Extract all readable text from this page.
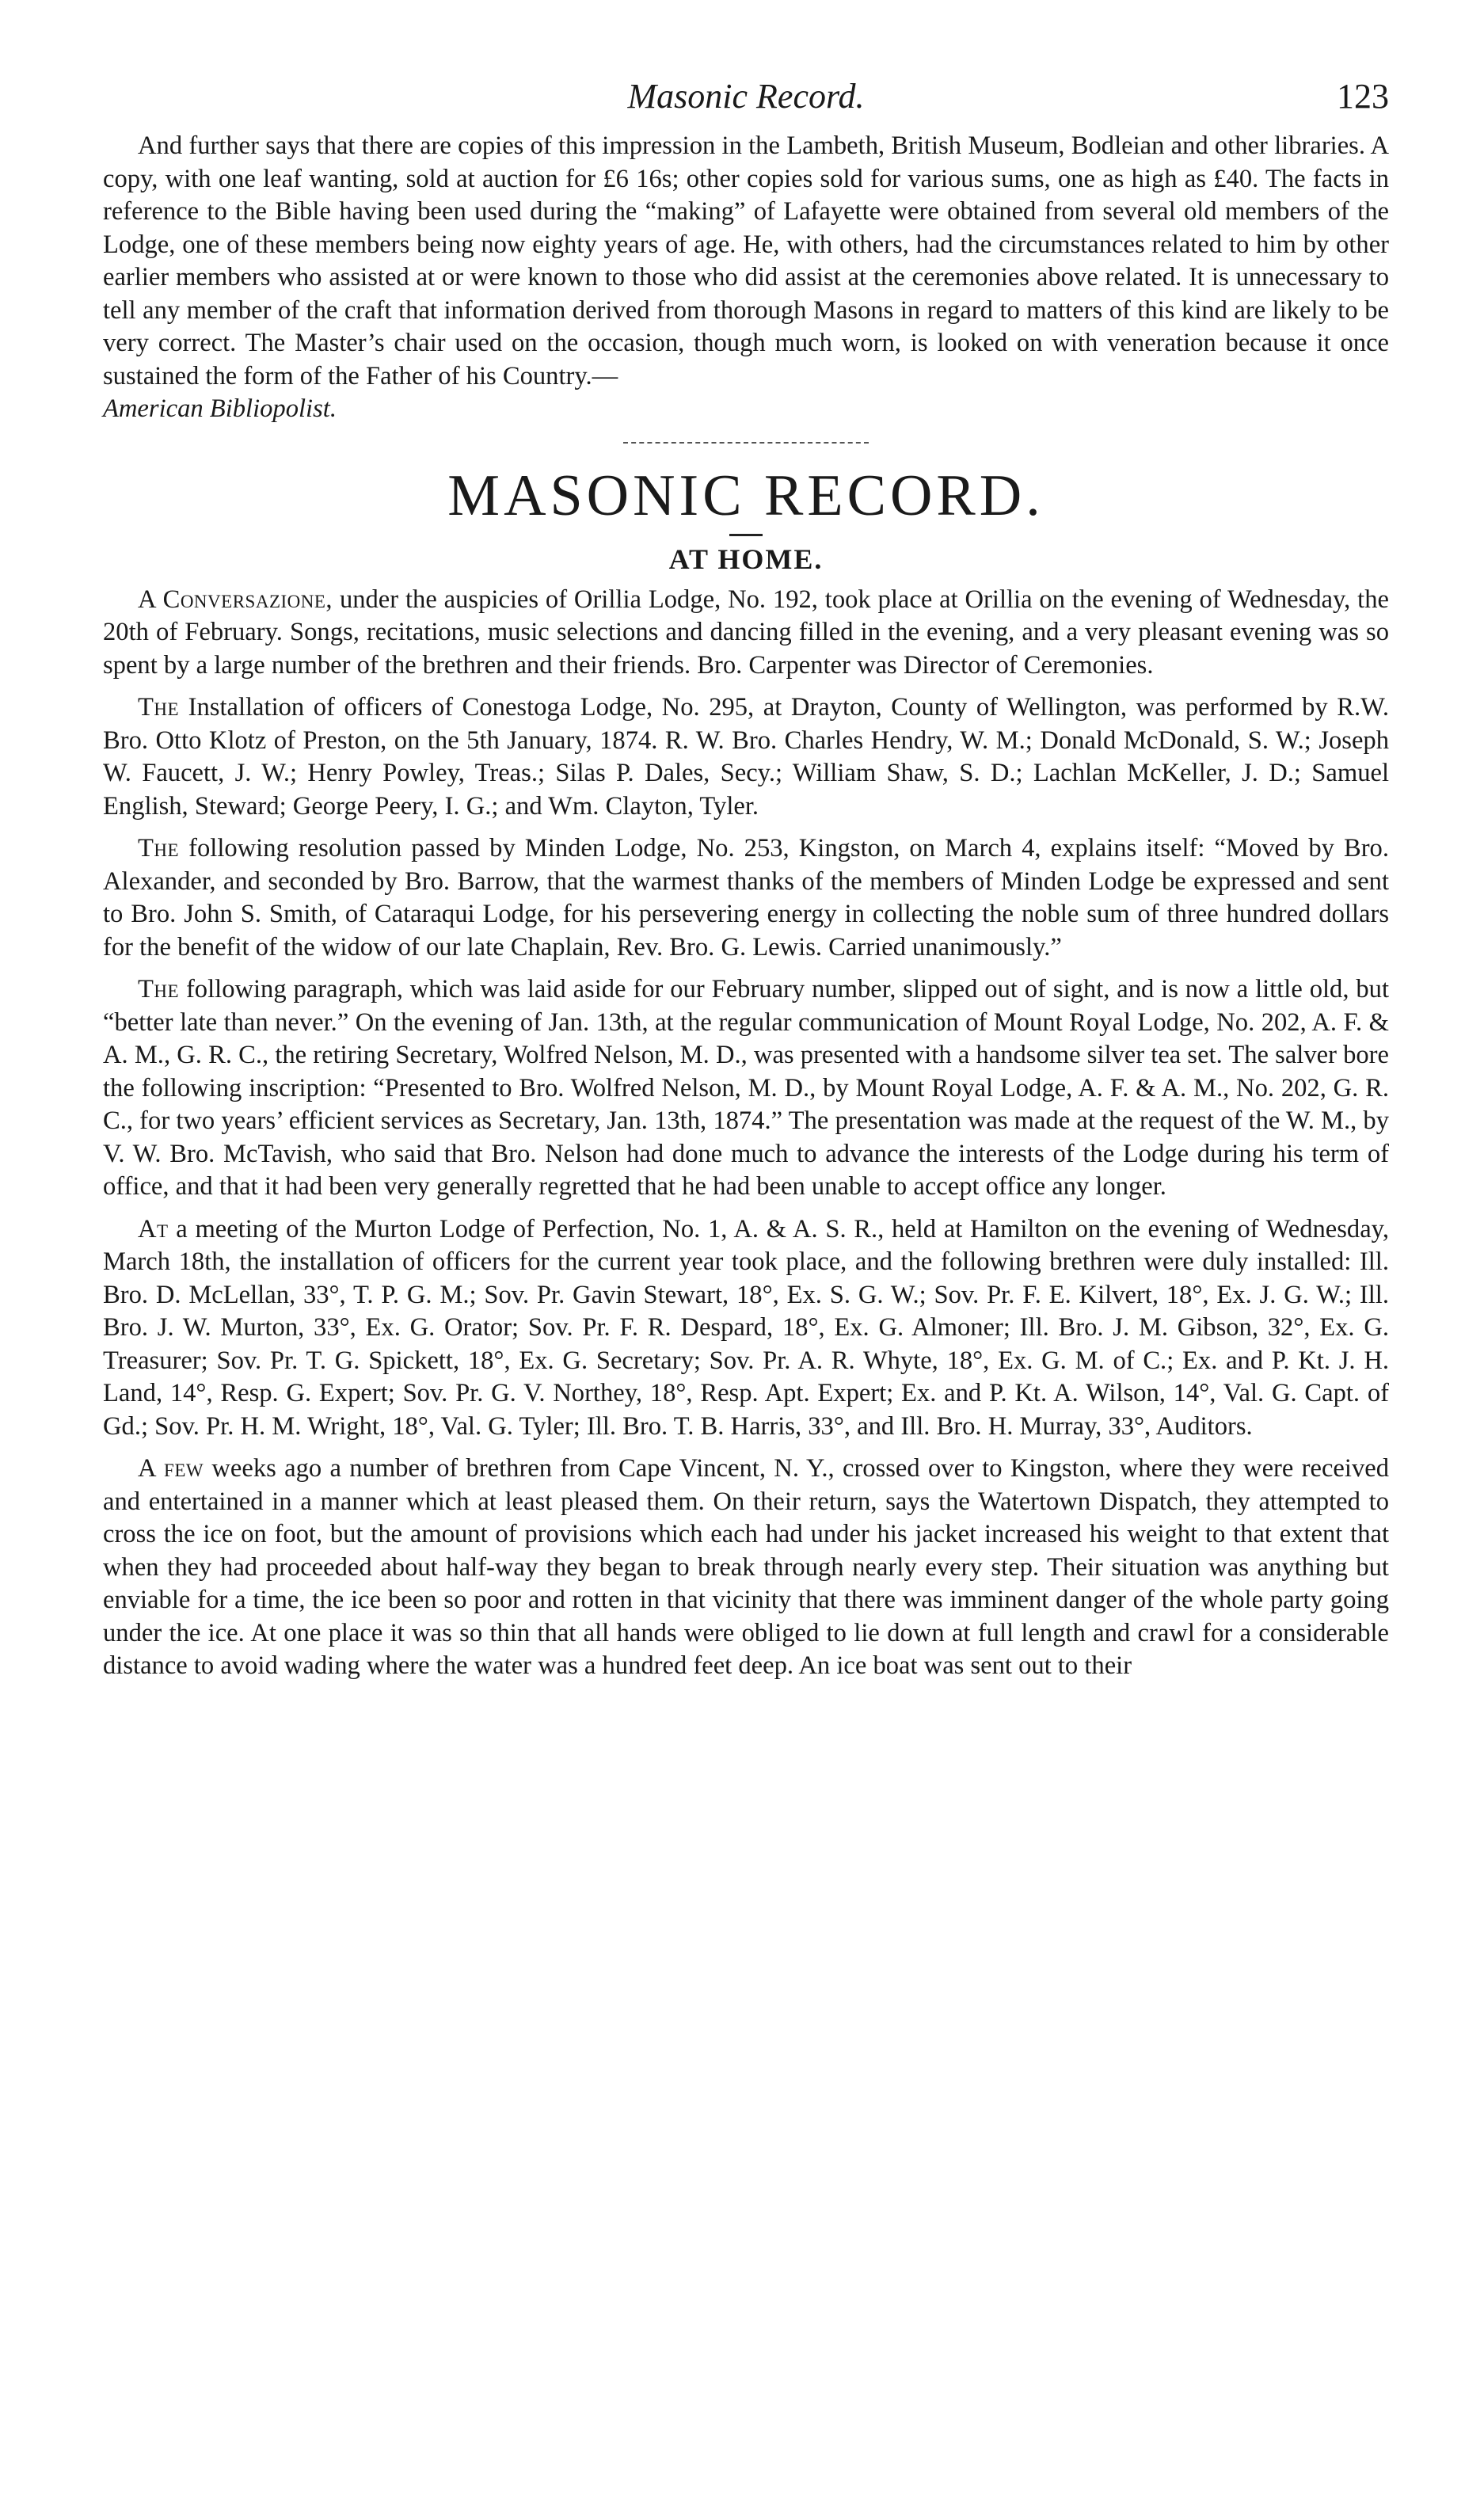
Masonic Record.	123

And further says that there are copies of this impression in the Lambeth, British Museum, Bodleian and other libraries. A copy, with one leaf wanting, sold at auction for £6 16s; other copies sold for various sums, one as high as £40. The facts in reference to the Bible having been used during the “making” of Lafayette were obtained from several old members of the Lodge, one of these members being now eighty years of age. He, with others, had the circumstances related to him by other earlier members who assisted at or were known to those who did assist at the ceremonies above related. It is unnecessary to tell any member of the craft that information derived from thorough Masons in regard to matters of this kind are likely to be very correct. The Master’s chair used on the occasion, though much worn, is looked on with veneration because it once sustained the form of the Father of his Country.—
American Bibliopolist.

MASONIC RECORD.
AT HOME.

A Conversazione, under the auspicies of Orillia Lodge, No. 192, took place at Orillia on the evening of Wednesday, the 20th of February. Songs, recitations, music selections and dancing filled in the evening, and a very pleasant evening was so spent by a large number of the brethren and their friends. Bro. Carpenter was Director of Ceremonies.

The Installation of officers of Conestoga Lodge, No. 295, at Drayton, County of Wellington, was performed by R.W. Bro. Otto Klotz of Preston, on the 5th January, 1874. R. W. Bro. Charles Hendry, W. M.; Donald McDonald, S. W.; Joseph W. Faucett, J. W.; Henry Powley, Treas.; Silas P. Dales, Secy.; William Shaw, S. D.; Lachlan McKeller, J. D.; Samuel English, Steward; George Peery, I. G.; and Wm. Clayton, Tyler.

The following resolution passed by Minden Lodge, No. 253, Kingston, on March 4, explains itself: “Moved by Bro. Alexander, and seconded by Bro. Barrow, that the warmest thanks of the members of Minden Lodge be expressed and sent to Bro. John S. Smith, of Cataraqui Lodge, for his persevering energy in collecting the noble sum of three hundred dollars for the benefit of the widow of our late Chaplain, Rev. Bro. G. Lewis. Carried unanimously.”

The following paragraph, which was laid aside for our February number, slipped out of sight, and is now a little old, but “better late than never.” On the evening of Jan. 13th, at the regular communication of Mount Royal Lodge, No. 202, A. F. & A. M., G. R. C., the retiring Secretary, Wolfred Nelson, M. D., was presented with a handsome silver tea set. The salver bore the following inscription: “Presented to Bro. Wolfred Nelson, M. D., by Mount Royal Lodge, A. F. & A. M., No. 202, G. R. C., for two years’ efficient services as Secretary, Jan. 13th, 1874.” The presentation was made at the request of the W. M., by V. W. Bro. McTavish, who said that Bro. Nelson had done much to advance the interests of the Lodge during his term of office, and that it had been very generally regretted that he had been unable to accept office any longer.

At a meeting of the Murton Lodge of Perfection, No. 1, A. & A. S. R., held at Hamilton on the evening of Wednesday, March 18th, the installation of officers for the current year took place, and the following brethren were duly installed: Ill. Bro. D. McLellan, 33°, T. P. G. M.; Sov. Pr. Gavin Stewart, 18°, Ex. S. G. W.; Sov. Pr. F. E. Kilvert, 18°, Ex. J. G. W.; Ill. Bro. J. W. Murton, 33°, Ex. G. Orator; Sov. Pr. F. R. Despard, 18°, Ex. G. Almoner; Ill. Bro. J. M. Gibson, 32°, Ex. G. Treasurer; Sov. Pr. T. G. Spickett, 18°, Ex. G. Secretary; Sov. Pr. A. R. Whyte, 18°, Ex. G. M. of C.; Ex. and P. Kt. J. H. Land, 14°, Resp. G. Expert; Sov. Pr. G. V. Northey, 18°, Resp. Apt. Expert; Ex. and P. Kt. A. Wilson, 14°, Val. G. Capt. of Gd.; Sov. Pr. H. M. Wright, 18°, Val. G. Tyler; Ill. Bro. T. B. Harris, 33°, and Ill. Bro. H. Murray, 33°, Auditors.

A few weeks ago a number of brethren from Cape Vincent, N. Y., crossed over to Kingston, where they were received and entertained in a manner which at least pleased them. On their return, says the Watertown Dispatch, they attempted to cross the ice on foot, but the amount of provisions which each had under his jacket increased his weight to that extent that when they had proceeded about half-way they began to break through nearly every step. Their situation was anything but enviable for a time, the ice been so poor and rotten in that vicinity that there was imminent danger of the whole party going under the ice. At one place it was so thin that all hands were obliged to lie down at full length and crawl for a considerable distance to avoid wading where the water was a hundred feet deep. An ice boat was sent out to their
